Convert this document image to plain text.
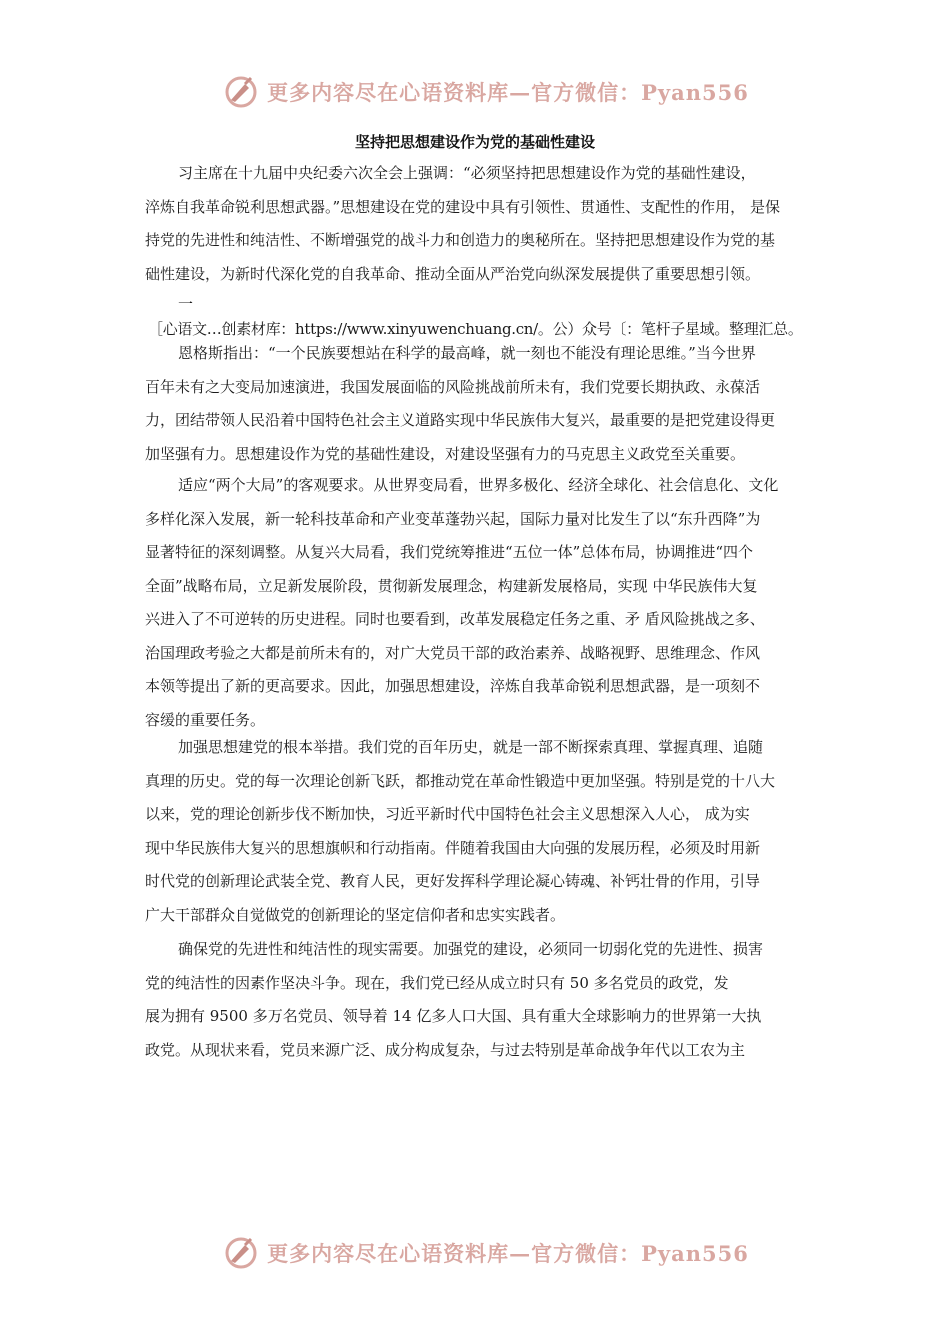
更多内容尽在心语资料库—官方微信：Pyan556
坚持把思想建设作为党的基础性建设
习主席在十九届中央纪委六次全会上强调：“必须坚持把思想建设作为党的基础性建设，
淬炼自我革命锐利思想武器。”思想建设在党的建设中具有引领性、贯通性、支配性的作用， 是保
持党的先进性和纯洁性、不断增强党的战斗力和创造力的奥秘所在。坚持把思想建设作为党的基
础性建设，为新时代深化党的自我革命、推动全面从严治党向纵深发展提供了重要思想引领。
恩格斯指出：“一个民族要想站在科学的最高峰，就一刻也不能没有理论思维。”当今世界
百年未有之大变局加速演进，我国发展面临的风险挑战前所未有，我们党要长期执政、永葆活
力，团结带领人民沿着中国特色社会主义道路实现中华民族伟大复兴，最重要的是把党建设得更
加坚强有力。思想建设作为党的基础性建设，对建设坚强有力的马克思主义政党至关重要。
适应“两个大局”的客观要求。从世界变局看，世界多极化、经济全球化、社会信息化、文化
多样化深入发展，新一轮科技革命和产业变革蓬勃兴起，国际力量对比发生了以“东升西降”为
显著特征的深刻调整。从复兴大局看，我们党统筹推进“五位一体”总体布局，协调推进“四个
全面”战略布局，立足新发展阶段，贯彻新发展理念，构建新发展格局，实现 中华民族伟大复
兴进入了不可逆转的历史进程。同时也要看到，改革发展稳定任务之重、矛 盾风险挑战之多、
治国理政考验之大都是前所未有的，对广大党员干部的政治素养、战略视野、思维理念、作风
本领等提出了新的更高要求。因此，加强思想建设，淬炼自我革命锐利思想武器，是一项刻不
容缓的重要任务。
加强思想建党的根本举措。我们党的百年历史，就是一部不断探索真理、掌握真理、追随
真理的历史。党的每一次理论创新飞跃，都推动党在革命性锻造中更加坚强。特别是党的十八大
以来，党的理论创新步伐不断加快，习近平新时代中国特色社会主义思想深入人心， 成为实
现中华民族伟大复兴的思想旗帜和行动指南。伴随着我国由大向强的发展历程，必须及时用新
时代党的创新理论武装全党、教育人民，更好发挥科学理论凝心铸魂、补钙壮骨的作用，引导
广大干部群众自觉做党的创新理论的坚定信仰者和忠实实践者。
确保党的先进性和纯洁性的现实需要。加强党的建设，必须同一切弱化党的先进性、损害
党的纯洁性的因素作坚决斗争。现在，我们党已经从成立时只有 50 多名党员的政党，发
展为拥有 9500 多万名党员、领导着 14 亿多人口大国、具有重大全球影响力的世界第一大执
政党。从现状来看，党员来源广泛、成分构成复杂，与过去特别是革命战争年代以工农为主
一
［心语文…创素材库：https://www.xinyuwenchuang.cn/。公）众号〔：笔杆子星域。整理汇总。
更多内容尽在心语资料库—官方微信：Pyan556
